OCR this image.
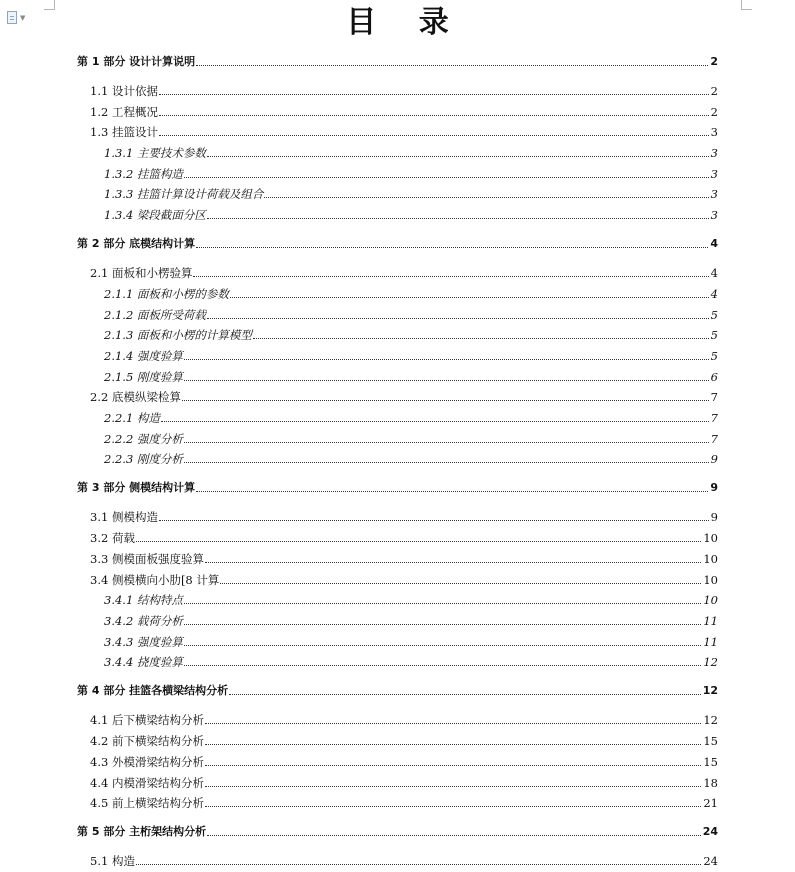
▼	目 录
第 1 部分 设计计算说明	2
1.1 设计依据	2
1.2 工程概况	2
1.3 挂篮设计	3
1.3.1 主要技术参数	3
1.3.2 挂篮构造	3
1.3.3 挂篮计算设计荷载及组合	3
1.3.4 梁段截面分区	3
第 2 部分 底模结构计算	4
2.1 面板和小楞验算	4
2.1.1 面板和小楞的参数	4
2.1.2 面板所受荷载	5
2.1.3 面板和小楞的计算模型	5
2.1.4 强度验算	5
2.1.5 刚度验算	6
2.2 底模纵梁检算	7
2.2.1 构造	7
2.2.2 强度分析	7
2.2.3 刚度分析	9
第 3 部分 侧模结构计算	9
3.1 侧模构造	9
3.2 荷载	10
3.3 侧模面板强度验算	10
3.4 侧模横向小肋[8 计算	10
3.4.1 结构特点	10
3.4.2 载荷分析	11
3.4.3 强度验算	11
3.4.4 挠度验算	12
第 4 部分 挂篮各横梁结构分析	12
4.1 后下横梁结构分析	12
4.2 前下横梁结构分析	15
4.3 外模滑梁结构分析	15
4.4 内模滑梁结构分析	18
4.5 前上横梁结构分析	21
第 5 部分 主桁架结构分析	24
5.1 构造	24
